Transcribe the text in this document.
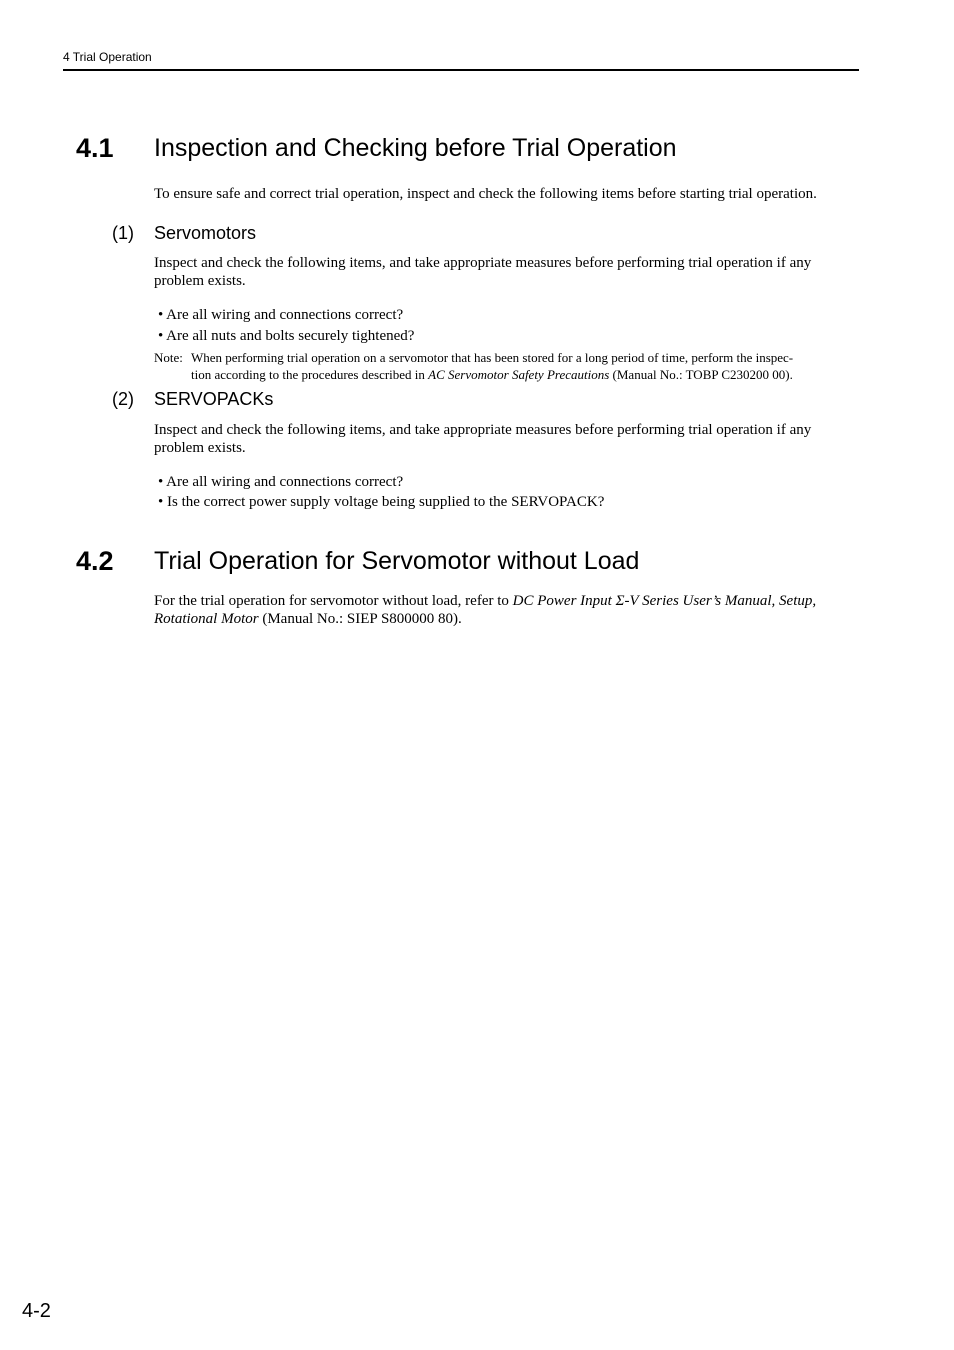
4 Trial Operation
4.1 Inspection and Checking before Trial Operation
To ensure safe and correct trial operation, inspect and check the following items before starting trial operation.
(1) Servomotors
Inspect and check the following items, and take appropriate measures before performing trial operation if any problem exists.
• Are all wiring and connections correct?
• Are all nuts and bolts securely tightened?
Note: When performing trial operation on a servomotor that has been stored for a long period of time, perform the inspec-
tion according to the procedures described in AC Servomotor Safety Precautions (Manual No.: TOBP C230200 00).
(2) SERVOPACKs
Inspect and check the following items, and take appropriate measures before performing trial operation if any problem exists.
• Are all wiring and connections correct?
• Is the correct power supply voltage being supplied to the SERVOPACK?
4.2 Trial Operation for Servomotor without Load
For the trial operation for servomotor without load, refer to DC Power Input Σ-V Series User’s Manual, Setup, Rotational Motor (Manual No.: SIEP S800000 80).
4-2
